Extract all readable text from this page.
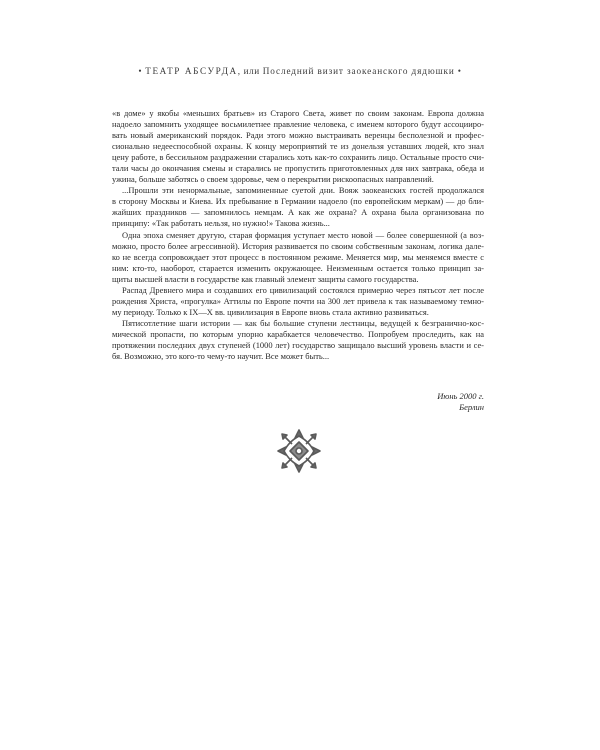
• ТЕАТР АБСУРДА, или Последний визит заокеанского дядюшки •
«в доме» у якобы «меньших братьев» из Старого Света, живет по своим законам. Европа должна
надоело запомнить уходящее восьмилетнее правление человека, с именем которого будут ассоцииро-
вать новый американский порядок. Ради этого можно выстраивать веренцы бесполезной и профес-
сионально недееспособной охраны. К концу мероприятий те из донельзя уставших людей, кто знал
цену работе, в бессильном раздражении старались хоть как-то сохранить лицо. Остальные просто счи-
тали часы до окончания смены и старались не пропустить приготовленных для них завтрака, обеда и
ужина, больше заботясь о своем здоровье, чем о перекрытии рискоопасных направлений.
...Прошли эти ненормальные, запоминенные суетой дни. Вояж заокеанских гостей продолжался
в сторону Москвы и Киева. Их пребывание в Германии надоело (по европейским меркам) — до бли-
жайших праздников — запомнилось немцам. А как же охрана? А охрана была организована по
принципу: «Так работать нельзя, но нужно!» Такова жизнь...
Одна эпоха сменяет другую, старая формация уступает место новой — более совершенной (а воз-
можно, просто более агрессивной). История развивается по своим собственным законам, логика дале-
ко не всегда сопровождает этот процесс в постоянном режиме. Меняется мир, мы меняемся вместе с
ним: кто-то, наоборот, старается изменить окружающее. Неизменным остается только принцип за-
щиты высшей власти в государстве как главный элемент защиты самого государства.
Распад Древнего мира и создавших его цивилизаций состоялся примерно через пятьсот лет после
рождения Христа, «прогулка» Аттилы по Европе почти на 300 лет привела к так называемому темно-
му периоду. Только к IX—X вв. цивилизация в Европе вновь стала активно развиваться.
Пятисотлетние шаги истории — как бы большие ступени лестницы, ведущей к безгранично-кос-
мической пропасти, по которым упорно карабкается человечество. Попробуем проследить, как на
протяжении последних двух ступеней (1000 лет) государство защищало высший уровень власти и се-
бя. Возможно, это кого-то чему-то научит. Все может быть...
Июнь 2000 г.
Берлин
